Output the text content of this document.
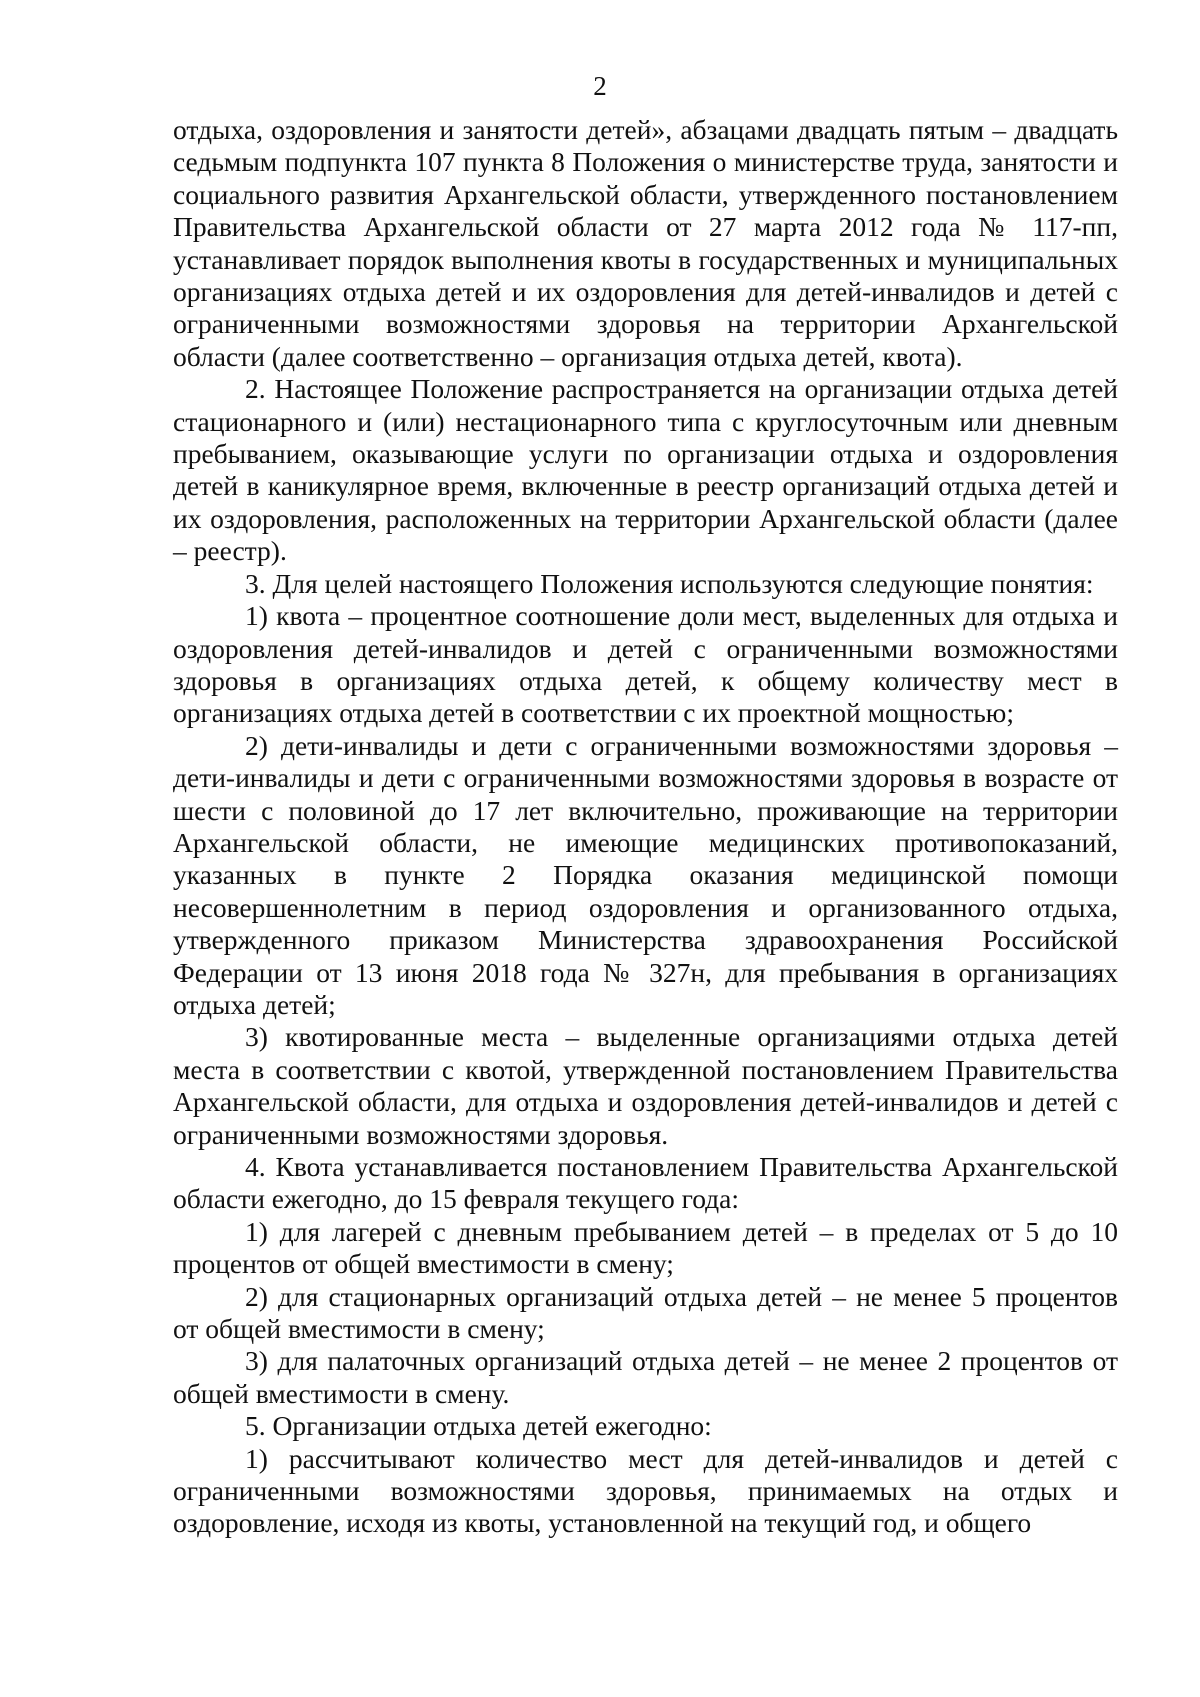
2

отдыха, оздоровления и занятости детей», абзацами двадцать пятым – двадцать седьмым подпункта 107 пункта 8 Положения о министерстве труда, занятости и социального развития Архангельской области, утвержденного постановлением Правительства Архангельской области от 27 марта 2012 года № 117-пп, устанавливает порядок выполнения квоты в государственных и муниципальных организациях отдыха детей и их оздоровления для детей-инвалидов и детей с ограниченными возможностями здоровья на территории Архангельской области (далее соответственно – организация отдыха детей, квота).

2. Настоящее Положение распространяется на организации отдыха детей стационарного и (или) нестационарного типа с круглосуточным или дневным пребыванием, оказывающие услуги по организации отдыха и оздоровления детей в каникулярное время, включенные в реестр организаций отдыха детей и их оздоровления, расположенных на территории Архангельской области (далее – реестр).

3. Для целей настоящего Положения используются следующие понятия:

1) квота – процентное соотношение доли мест, выделенных для отдыха и оздоровления детей-инвалидов и детей с ограниченными возможностями здоровья в организациях отдыха детей, к общему количеству мест в организациях отдыха детей в соответствии с их проектной мощностью;

2) дети-инвалиды и дети с ограниченными возможностями здоровья – дети-инвалиды и дети с ограниченными возможностями здоровья в возрасте от шести с половиной до 17 лет включительно, проживающие на территории Архангельской области, не имеющие медицинских противопоказаний, указанных в пункте 2 Порядка оказания медицинской помощи несовершеннолетним в период оздоровления и организованного отдыха, утвержденного приказом Министерства здравоохранения Российской Федерации от 13 июня 2018 года № 327н, для пребывания в организациях отдыха детей;

3) квотированные места – выделенные организациями отдыха детей места в соответствии с квотой, утвержденной постановлением Правительства Архангельской области, для отдыха и оздоровления детей-инвалидов и детей с ограниченными возможностями здоровья.

4. Квота устанавливается постановлением Правительства Архангельской области ежегодно, до 15 февраля текущего года:

1) для лагерей с дневным пребыванием детей – в пределах от 5 до 10 процентов от общей вместимости в смену;

2) для стационарных организаций отдыха детей – не менее 5 процентов от общей вместимости в смену;

3) для палаточных организаций отдыха детей – не менее 2 процентов от общей вместимости в смену.

5. Организации отдыха детей ежегодно:

1) рассчитывают количество мест для детей-инвалидов и детей с ограниченными возможностями здоровья, принимаемых на отдых и оздоровление, исходя из квоты, установленной на текущий год, и общего
